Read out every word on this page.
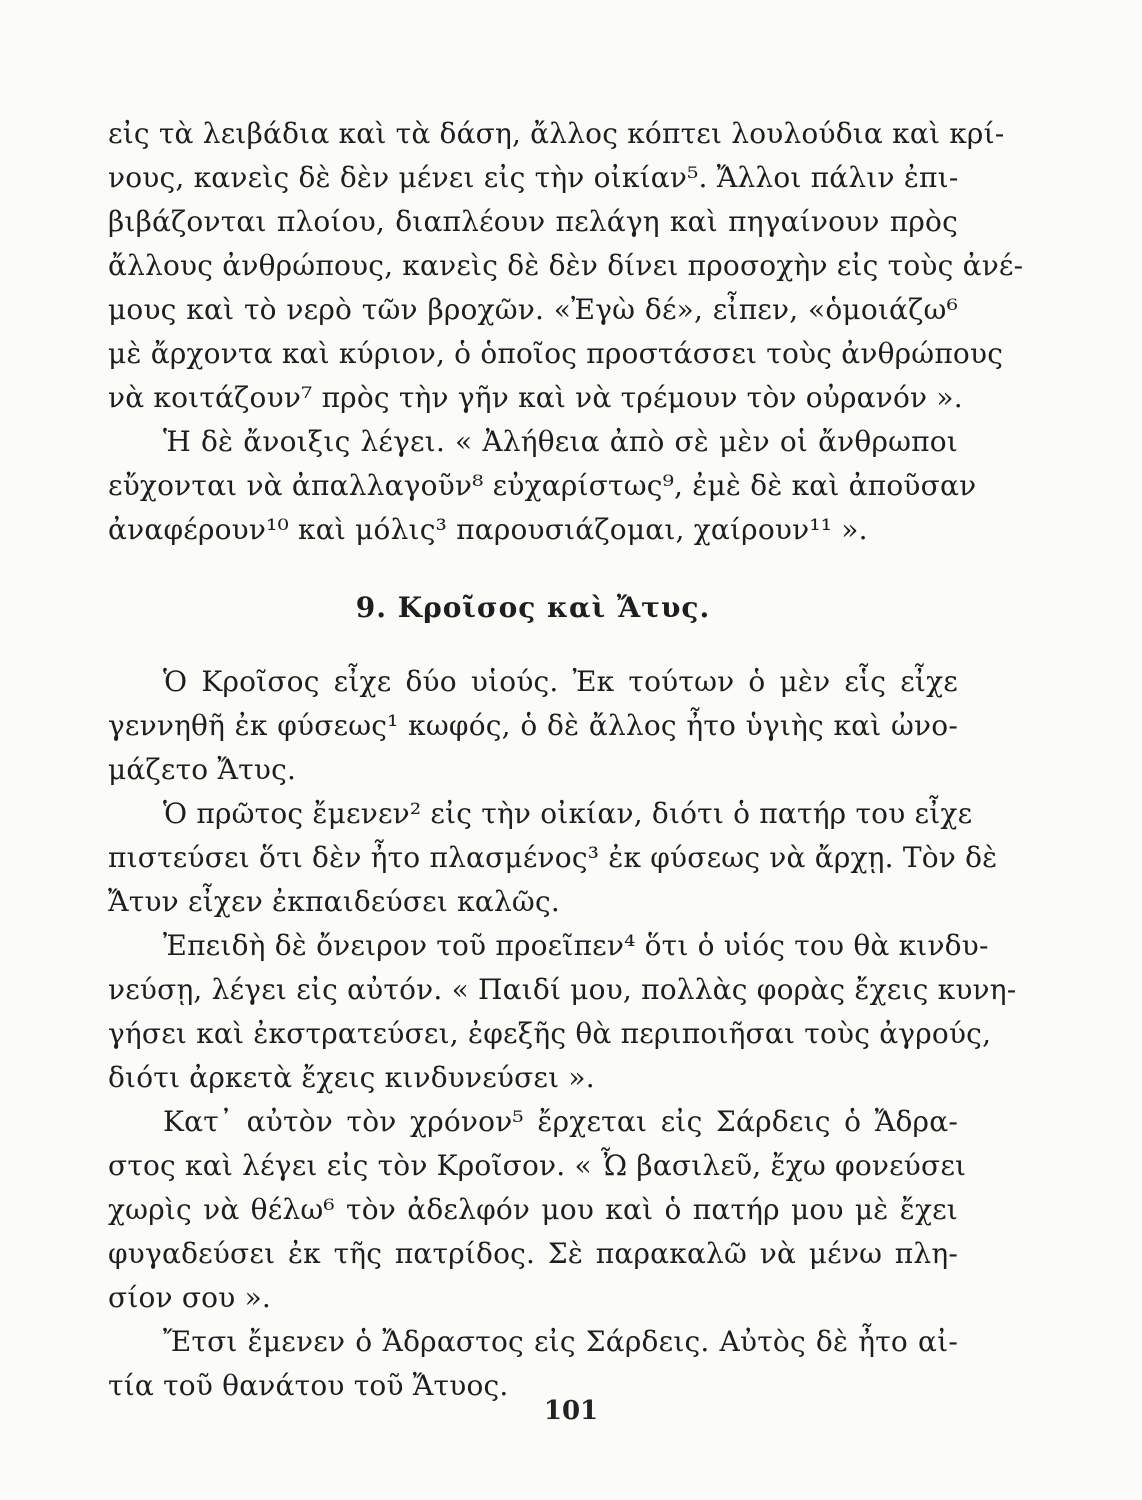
εἰς τὰ λειβάδια καὶ τὰ δάση, ἄλλος κόπτει λουλούδια καὶ κρί-
νους, κανεὶς δὲ δὲν μένει εἰς τὴν οἰκίαν⁵. Ἄλλοι πάλιν ἐπι-
βιβάζονται πλοίου, διαπλέουν πελάγη καὶ πηγαίνουν πρὸς
ἄλλους ἀνθρώπους, κανεὶς δὲ δὲν δίνει προσοχὴν εἰς τοὺς ἀνέ-
μους καὶ τὸ νερὸ τῶν βροχῶν. «Ἐγὼ δέ», εἶπεν, «ὁμοιάζω⁶
μὲ ἄρχοντα καὶ κύριον, ὁ ὁποῖος προστάσσει τοὺς ἀνθρώπους
νὰ κοιτάζουν⁷ πρὸς τὴν γῆν καὶ νὰ τρέμουν τὸν οὐρανόν ».
Ἡ δὲ ἄνοιξις λέγει. « Ἀλήθεια ἀπὸ σὲ μὲν οἱ ἄνθρωποι
εὔχονται νὰ ἀπαλλαγοῦν⁸ εὐχαρίστως⁹, ἐμὲ δὲ καὶ ἀποῦσαν
ἀναφέρουν¹⁰ καὶ μόλις³ παρουσιάζομαι, χαίρουν¹¹ ».
9. Κροῖσος καὶ Ἄτυς.
Ὁ Κροῖσος εἶχε δύο υἱούς. Ἐκ τούτων ὁ μὲν εἷς εἶχε
γεννηθῆ ἐκ φύσεως¹ κωφός, ὁ δὲ ἄλλος ἦτο ὑγιὴς καὶ ὠνο-
μάζετο Ἄτυς.
Ὁ πρῶτος ἔμενεν² εἰς τὴν οἰκίαν, διότι ὁ πατήρ του εἶχε
πιστεύσει ὅτι δὲν ἦτο πλασμένος³ ἐκ φύσεως νὰ ἄρχῃ. Τὸν δὲ
Ἄτυν εἶχεν ἐκπαιδεύσει καλῶς.
Ἐπειδὴ δὲ ὄνειρον τοῦ προεῖπεν⁴ ὅτι ὁ υἱός του θὰ κινδυ-
νεύσῃ, λέγει εἰς αὐτόν. « Παιδί μου, πολλὰς φορὰς ἔχεις κυνη-
γήσει καὶ ἐκστρατεύσει, ἐφεξῆς θὰ περιποιῆσαι τοὺς ἀγρούς,
διότι ἀρκετὰ ἔχεις κινδυνεύσει ».
Κατ᾽ αὐτὸν τὸν χρόνον⁵ ἔρχεται εἰς Σάρδεις ὁ Ἄδρα-
στος καὶ λέγει εἰς τὸν Κροῖσον. « Ὦ βασιλεῦ, ἔχω φονεύσει
χωρὶς νὰ θέλω⁶ τὸν ἀδελφόν μου καὶ ὁ πατήρ μου μὲ ἔχει
φυγαδεύσει ἐκ τῆς πατρίδος. Σὲ παρακαλῶ νὰ μένω πλη-
σίον σου ».
Ἔτσι ἔμενεν ὁ Ἄδραστος εἰς Σάρδεις. Αὐτὸς δὲ ἦτο αἰ-
τία τοῦ θανάτου τοῦ Ἄτυος.
101
